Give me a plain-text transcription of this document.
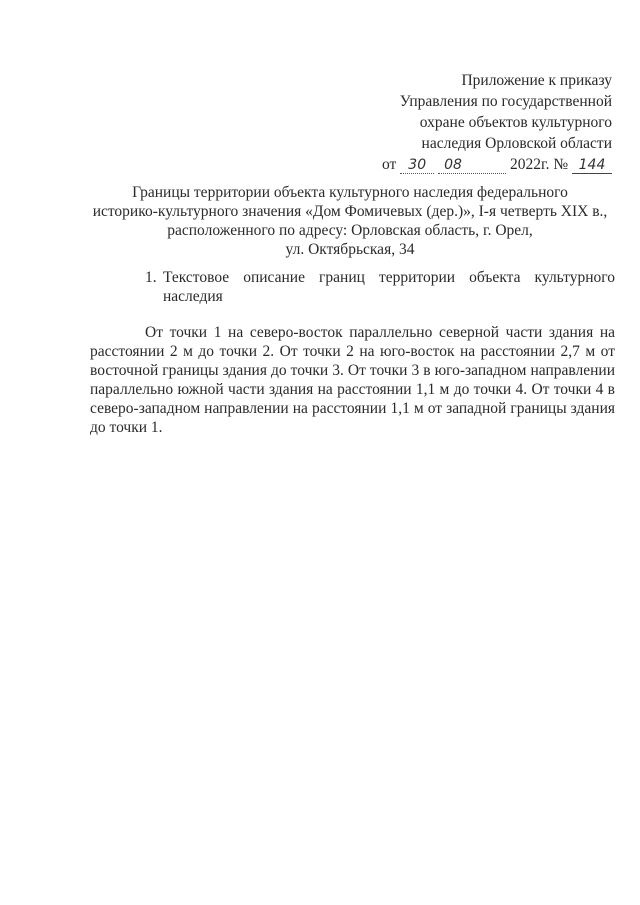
Приложение к приказу
Управления по государственной
охране объектов культурного
наследия Орловской области
от 30 08	2022г. № 144
Границы территории объекта культурного наследия федерального
историко-культурного значения «Дом Фомичевых (дер.)», I-я четверть XIX в.,
расположенного по адресу: Орловская область, г. Орел,
ул. Октябрьская, 34
1. Текстовое описание границ территории объекта культурного наследия
От точки 1 на северо-восток параллельно северной части здания на расстоянии 2 м до точки 2. От точки 2 на юго-восток на расстоянии 2,7 м от восточной границы здания до точки 3. От точки 3 в юго-западном направлении параллельно южной части здания на расстоянии 1,1 м до точки 4. От точки 4 в северо-западном направлении на расстоянии 1,1 м от западной границы здания до точки 1.
